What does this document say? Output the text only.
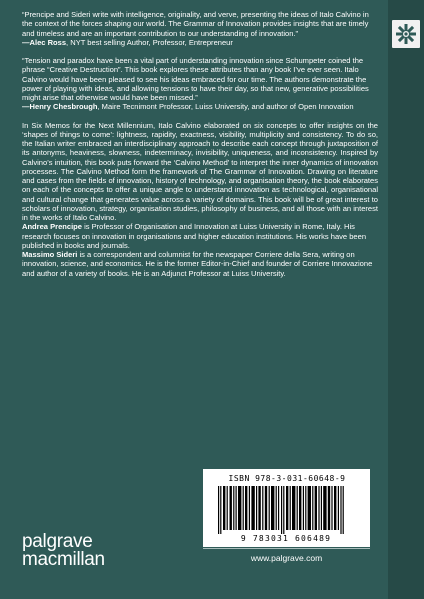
“Prencipe and Sideri write with intelligence, originality, and verve, presenting the ideas of Italo Calvino in the context of the forces shaping our world. The Grammar of Innovation provides insights that are timely and timeless and are an important contribution to our understanding of innovation.”

—Alec Ross, NYT best selling Author, Professor, Entrepreneur

“Tension and paradox have been a vital part of understanding innovation since Schumpeter coined the phrase “Creative Destruction”. This book explores these attributes than any book I’ve ever seen. Italo Calvino would have been pleased to see his ideas embraced for our time. The authors demonstrate the power of playing with ideas, and allowing tensions to have their day, so that new, generative possibilities might arise that otherwise would have been missed.”

—Henry Chesbrough, Maire Tecnimont Professor, Luiss University, and author of Open Innovation

In Six Memos for the Next Millennium, Italo Calvino elaborated on six concepts to offer insights on the ‘shapes of things to come’: lightness, rapidity, exactness, visibility, multiplicity and consistency. To do so, the Italian writer embraced an interdisciplinary approach to describe each concept through juxtaposition of its antonyms, heaviness, slowness, indeterminacy, invisibility, uniqueness, and inconsistency. Inspired by Calvino’s intuition, this book puts forward the ‘Calvino Method’ to interpret the inner dynamics of innovation processes. The Calvino Method form the framework of The Grammar of Innovation. Drawing on literature and cases from the fields of innovation, history of technology, and organisation theory, the book elaborates on each of the concepts to offer a unique angle to understand innovation as technological, organisational and cultural change that generates value across a variety of domains. This book will be of great interest to scholars of innovation, strategy, organisation studies, philosophy of business, and all those with an interest in the works of Italo Calvino.

Andrea Prencipe is Professor of Organisation and Innovation at Luiss University in Rome, Italy. His research focuses on innovation in organisations and higher education institutions. His works have been published in books and journals.

Massimo Sideri is a correspondent and columnist for the newspaper Corriere della Sera, writing on innovation, science, and economics. He is the former Editor-in-Chief and founder of Corriere Innovazione and author of a variety of books. He is an Adjunct Professor at Luiss University.

ISBN 978-3-031-60648-9
9 783031 606489
www.palgrave.com
palgrave
macmillan
